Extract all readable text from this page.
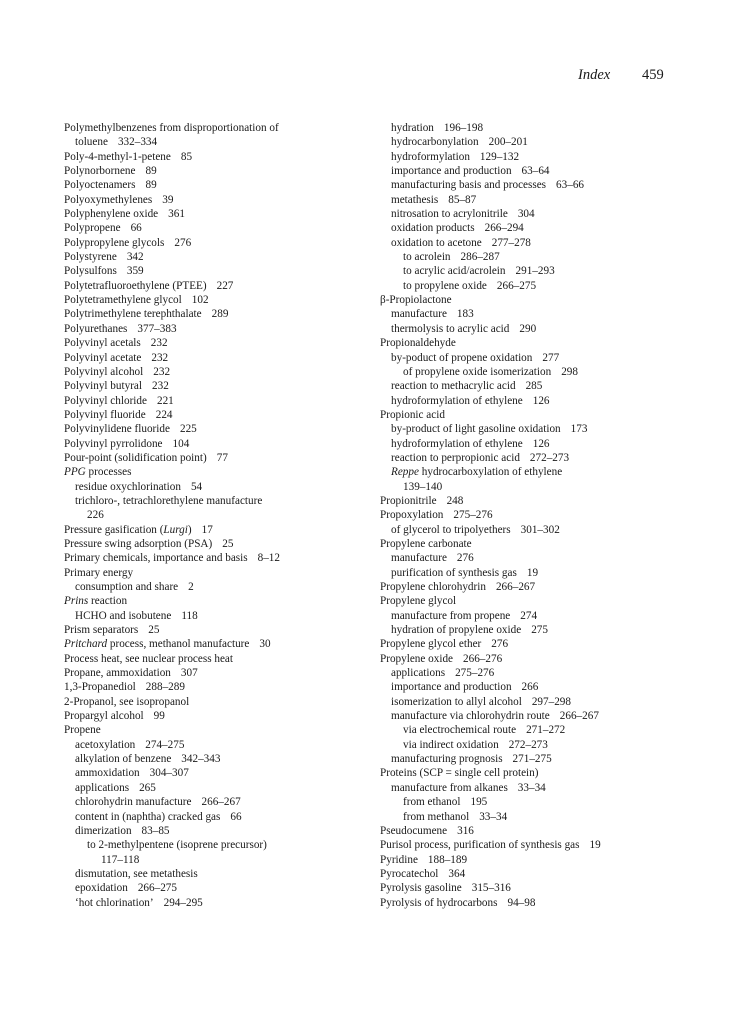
Index 459
Polymethylbenzenes from disproportionation of
toluene 332–334
Poly-4-methyl-1-petene 85
Polynorbornene 89
Polyoctenamers 89
Polyoxymethylenes 39
Polyphenylene oxide 361
Polypropene 66
Polypropylene glycols 276
Polystyrene 342
Polysulfons 359
Polytetrafluoroethylene (PTEE) 227
Polytetramethylene glycol 102
Polytrimethylene terephthalate 289
Polyurethanes 377–383
Polyvinyl acetals 232
Polyvinyl acetate 232
Polyvinyl alcohol 232
Polyvinyl butyral 232
Polyvinyl chloride 221
Polyvinyl fluoride 224
Polyvinylidene fluoride 225
Polyvinyl pyrrolidone 104
Pour-point (solidification point) 77
PPG processes
residue oxychlorination 54
trichloro-, tetrachlorethylene manufacture
226
Pressure gasification (Lurgi) 17
Pressure swing adsorption (PSA) 25
Primary chemicals, importance and basis 8–12
Primary energy
consumption and share 2
Prins reaction
HCHO and isobutene 118
Prism separators 25
Pritchard process, methanol manufacture 30
Process heat, see nuclear process heat
Propane, ammoxidation 307
1,3-Propanediol 288–289
2-Propanol, see isopropanol
Propargyl alcohol 99
Propene
acetoxylation 274–275
alkylation of benzene 342–343
ammoxidation 304–307
applications 265
chlorohydrin manufacture 266–267
content in (naphtha) cracked gas 66
dimerization 83–85
to 2-methylpentene (isoprene precursor)
117–118
dismutation, see metathesis
epoxidation 266–275
‘hot chlorination’ 294–295
hydration 196–198
hydrocarbonylation 200–201
hydroformylation 129–132
importance and production 63–64
manufacturing basis and processes 63–66
metathesis 85–87
nitrosation to acrylonitrile 304
oxidation products 266–294
oxidation to acetone 277–278
to acrolein 286–287
to acrylic acid/acrolein 291–293
to propylene oxide 266–275
β-Propiolactone
manufacture 183
thermolysis to acrylic acid 290
Propionaldehyde
by-poduct of propene oxidation 277
of propylene oxide isomerization 298
reaction to methacrylic acid 285
hydroformylation of ethylene 126
Propionic acid
by-product of light gasoline oxidation 173
hydroformylation of ethylene 126
reaction to perpropionic acid 272–273
Reppe hydrocarboxylation of ethylene
139–140
Propionitrile 248
Propoxylation 275–276
of glycerol to tripolyethers 301–302
Propylene carbonate
manufacture 276
purification of synthesis gas 19
Propylene chlorohydrin 266–267
Propylene glycol
manufacture from propene 274
hydration of propylene oxide 275
Propylene glycol ether 276
Propylene oxide 266–276
applications 275–276
importance and production 266
isomerization to allyl alcohol 297–298
manufacture via chlorohydrin route 266–267
via electrochemical route 271–272
via indirect oxidation 272–273
manufacturing prognosis 271–275
Proteins (SCP = single cell protein)
manufacture from alkanes 33–34
from ethanol 195
from methanol 33–34
Pseudocumene 316
Purisol process, purification of synthesis gas 19
Pyridine 188–189
Pyrocatechol 364
Pyrolysis gasoline 315–316
Pyrolysis of hydrocarbons 94–98
